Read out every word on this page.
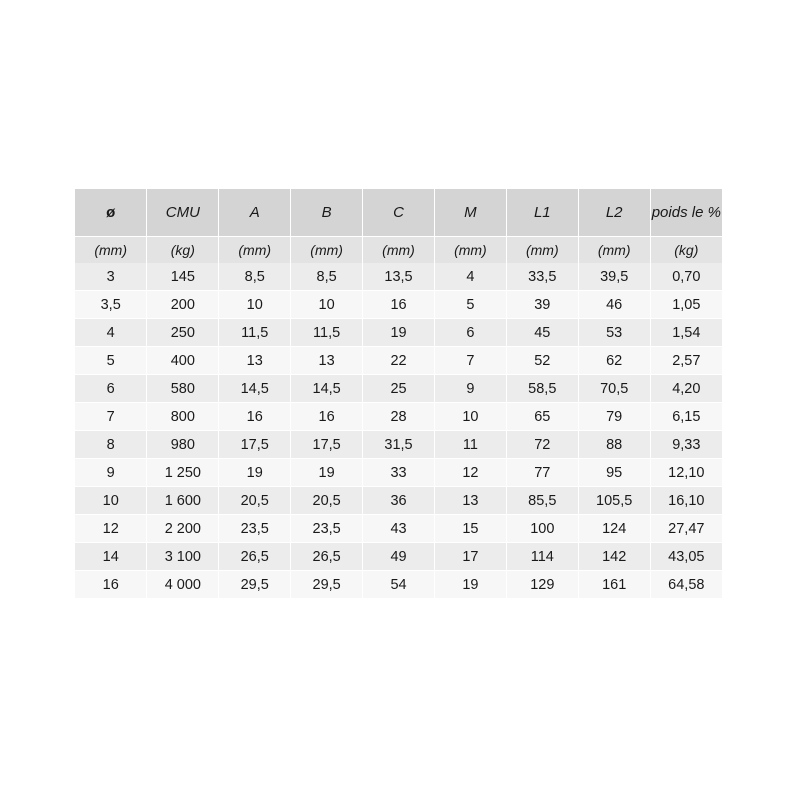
ø	CMU	A	B	C	M	L1	L2	poids le %
(mm)	(kg)	(mm)	(mm)	(mm)	(mm)	(mm)	(mm)	(kg)
3	145	8,5	8,5	13,5	4	33,5	39,5	0,70
3,5	200	10	10	16	5	39	46	1,05
4	250	11,5	11,5	19	6	45	53	1,54
5	400	13	13	22	7	52	62	2,57
6	580	14,5	14,5	25	9	58,5	70,5	4,20
7	800	16	16	28	10	65	79	6,15
8	980	17,5	17,5	31,5	11	72	88	9,33
9	1 250	19	19	33	12	77	95	12,10
10	1 600	20,5	20,5	36	13	85,5	105,5	16,10
12	2 200	23,5	23,5	43	15	100	124	27,47
14	3 100	26,5	26,5	49	17	114	142	43,05
16	4 000	29,5	29,5	54	19	129	161	64,58
